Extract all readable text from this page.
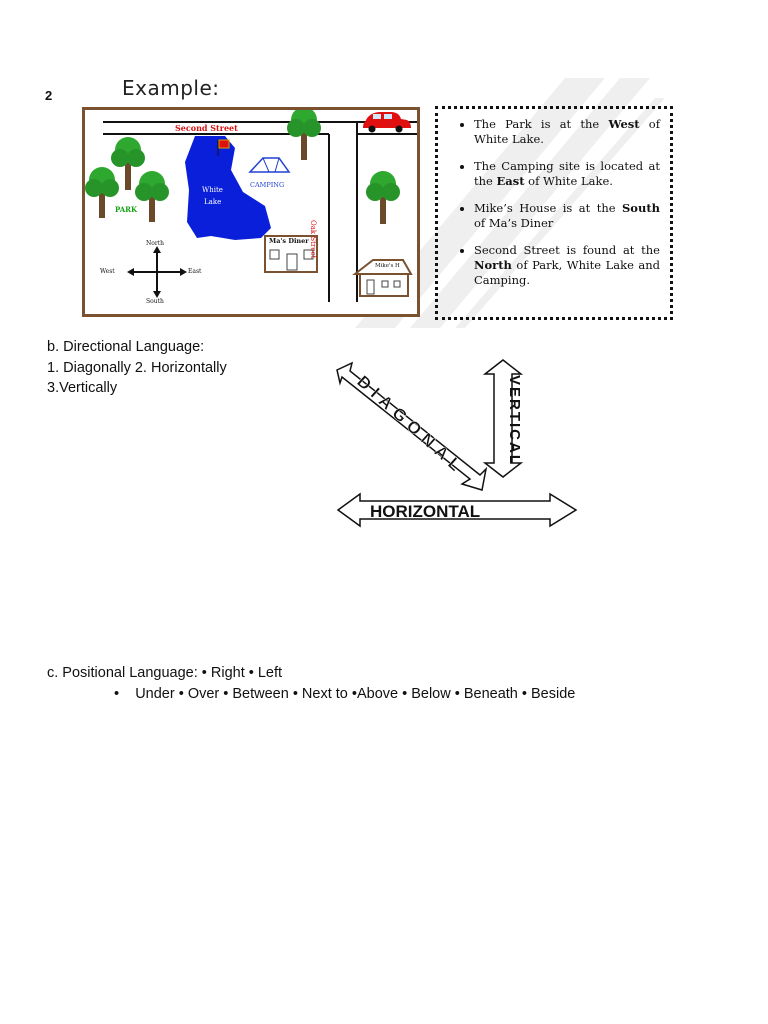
2	Example:
Second Street
Oak Street
PARK
White
Lake
CAMPING
Ma's Diner
Mike's H
North
South
West	East
• The Park is at the West of White Lake.
• The Camping site is located at the East of White Lake.
• Mike’s House is at the South of Ma’s Diner
• Second Street is found at the North of Park, White Lake and Camping.
b. Directional Language:
1. Diagonally 2. Horizontally
3.Vertically	DIAGONAL VERTICAL
HORIZONTAL
c. Positional Language: • Right • Left
•    Under • Over • Between • Next to •Above • Below • Beneath • Beside
